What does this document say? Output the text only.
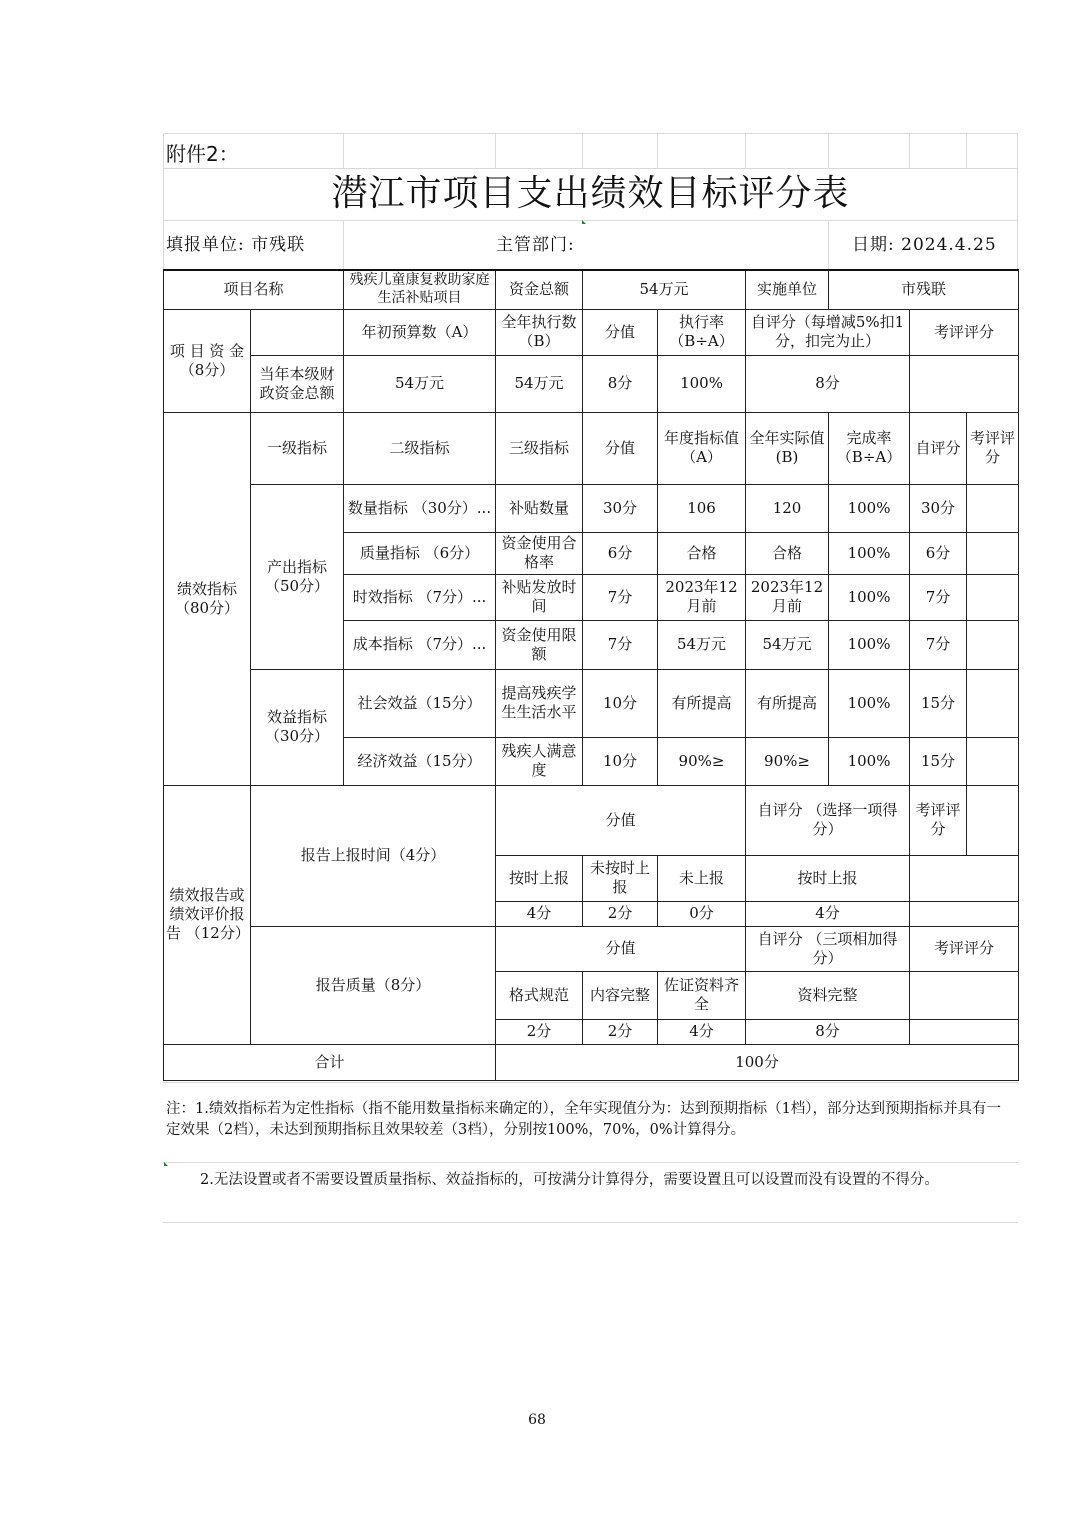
附件2：
潜江市项目支出绩效目标评分表
填报单位: 市残联	主管部门:	日期: 2024.4.25
项目名称		残疾儿童康复救助家庭生活补贴项目	资金总额	54万元		实施单位	市残联		
项 目 资 金 （8分）		年初预算数（A）	全年执行数（B）	分值	执行率（B÷A）	自评分（每增减5%扣1分，扣完为止）		考评评分	
	当年本级财政资金总额	54万元	54万元	8分	100%	8分			
绩效指标 （80分）	一级指标	二级指标	三级指标	分值	年度指标值（A）	全年实际值(B)	完成率（B÷A）	自评分	考评评分
	产出指标 （50分）	数量指标 （30分）...	补贴数量	30分	106	120	100%	30分	
		质量指标 （6分）	资金使用合格率	6分	合格	合格	100%	6分	
		时效指标 （7分）...	补贴发放时间	7分	2023年12月前	2023年12月前	100%	7分	
		成本指标 （7分）...	资金使用限额	7分	54万元	54万元	100%	7分	
	效益指标 （30分）	社会效益（15分）	提高残疾学生生活水平	10分	有所提高	有所提高	100%	15分	
		经济效益（15分）	残疾人满意度	10分	90%≥	90%≥	100%	15分	
绩效报告或绩效评价报告 （12分）	报告上报时间（4分）		分值			自评分 （选择一项得分）		考评评分	
			按时上报	未按时上报	未上报	按时上报			
			4分	2分	0分	4分			
	报告质量（8分）		分值			自评分 （三项相加得分）		考评评分	
			格式规范	内容完整	佐证资料齐全	资料完整			
			2分	2分	4分	8分			
合计			100分						
注：1.绩效指标若为定性指标（指不能用数量指标来确定的），全年实现值分为：达到预期指标（1档），部分达到预期指标并具有一定效果（2档），未达到预期指标且效果较差（3档），分别按100%，70%，0%计算得分。
2.无法设置或者不需要设置质量指标、效益指标的，可按满分计算得分，需要设置且可以设置而没有设置的不得分。
68
